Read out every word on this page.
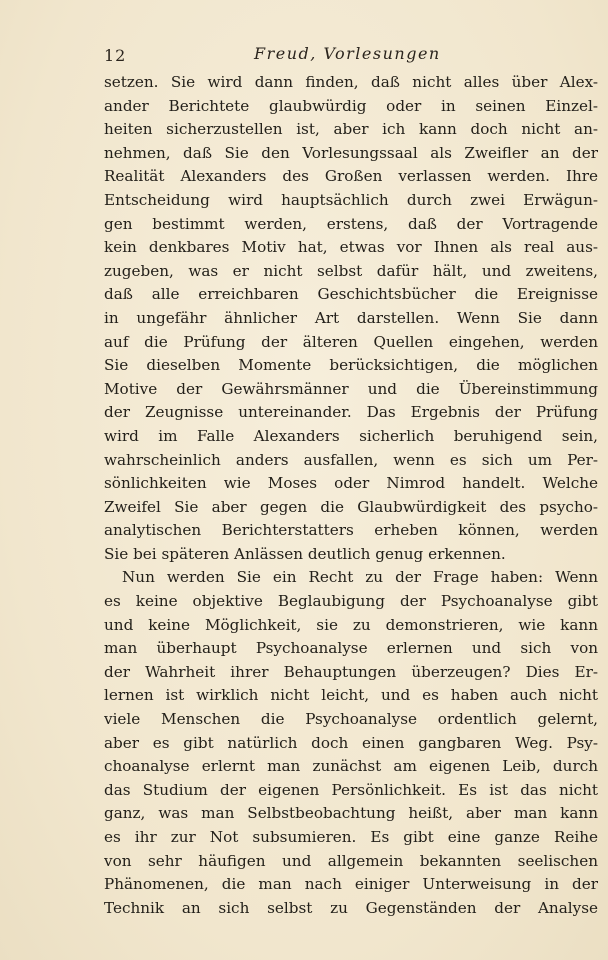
12	Freud, Vorlesungen
setzen. Sie wird dann finden, daß nicht alles über Alex-
ander Berichtete glaubwürdig oder in seinen Einzel-
heiten sicherzustellen ist, aber ich kann doch nicht an-
nehmen, daß Sie den Vorlesungssaal als Zweifler an der
Realität Alexanders des Großen verlassen werden. Ihre
Entscheidung wird hauptsächlich durch zwei Erwägun-
gen bestimmt werden, erstens, daß der Vortragende
kein denkbares Motiv hat, etwas vor Ihnen als real aus-
zugeben, was er nicht selbst dafür hält, und zweitens,
daß alle erreichbaren Geschichtsbücher die Ereignisse
in ungefähr ähnlicher Art darstellen. Wenn Sie dann
auf die Prüfung der älteren Quellen eingehen, werden
Sie dieselben Momente berücksichtigen, die möglichen
Motive der Gewährsmänner und die Übereinstimmung
der Zeugnisse untereinander. Das Ergebnis der Prüfung
wird im Falle Alexanders sicherlich beruhigend sein,
wahrscheinlich anders ausfallen, wenn es sich um Per-
sönlichkeiten wie Moses oder Nimrod handelt. Welche
Zweifel Sie aber gegen die Glaubwürdigkeit des psycho-
analytischen Berichterstatters erheben können, werden
Sie bei späteren Anlässen deutlich genug erkennen.
Nun werden Sie ein Recht zu der Frage haben: Wenn
es keine objektive Beglaubigung der Psychoanalyse gibt
und keine Möglichkeit, sie zu demonstrieren, wie kann
man überhaupt Psychoanalyse erlernen und sich von
der Wahrheit ihrer Behauptungen überzeugen? Dies Er-
lernen ist wirklich nicht leicht, und es haben auch nicht
viele Menschen die Psychoanalyse ordentlich gelernt,
aber es gibt natürlich doch einen gangbaren Weg. Psy-
choanalyse erlernt man zunächst am eigenen Leib, durch
das Studium der eigenen Persönlichkeit. Es ist das nicht
ganz, was man Selbstbeobachtung heißt, aber man kann
es ihr zur Not subsumieren. Es gibt eine ganze Reihe
von sehr häufigen und allgemein bekannten seelischen
Phänomenen, die man nach einiger Unterweisung in der
Technik an sich selbst zu Gegenständen der Analyse
